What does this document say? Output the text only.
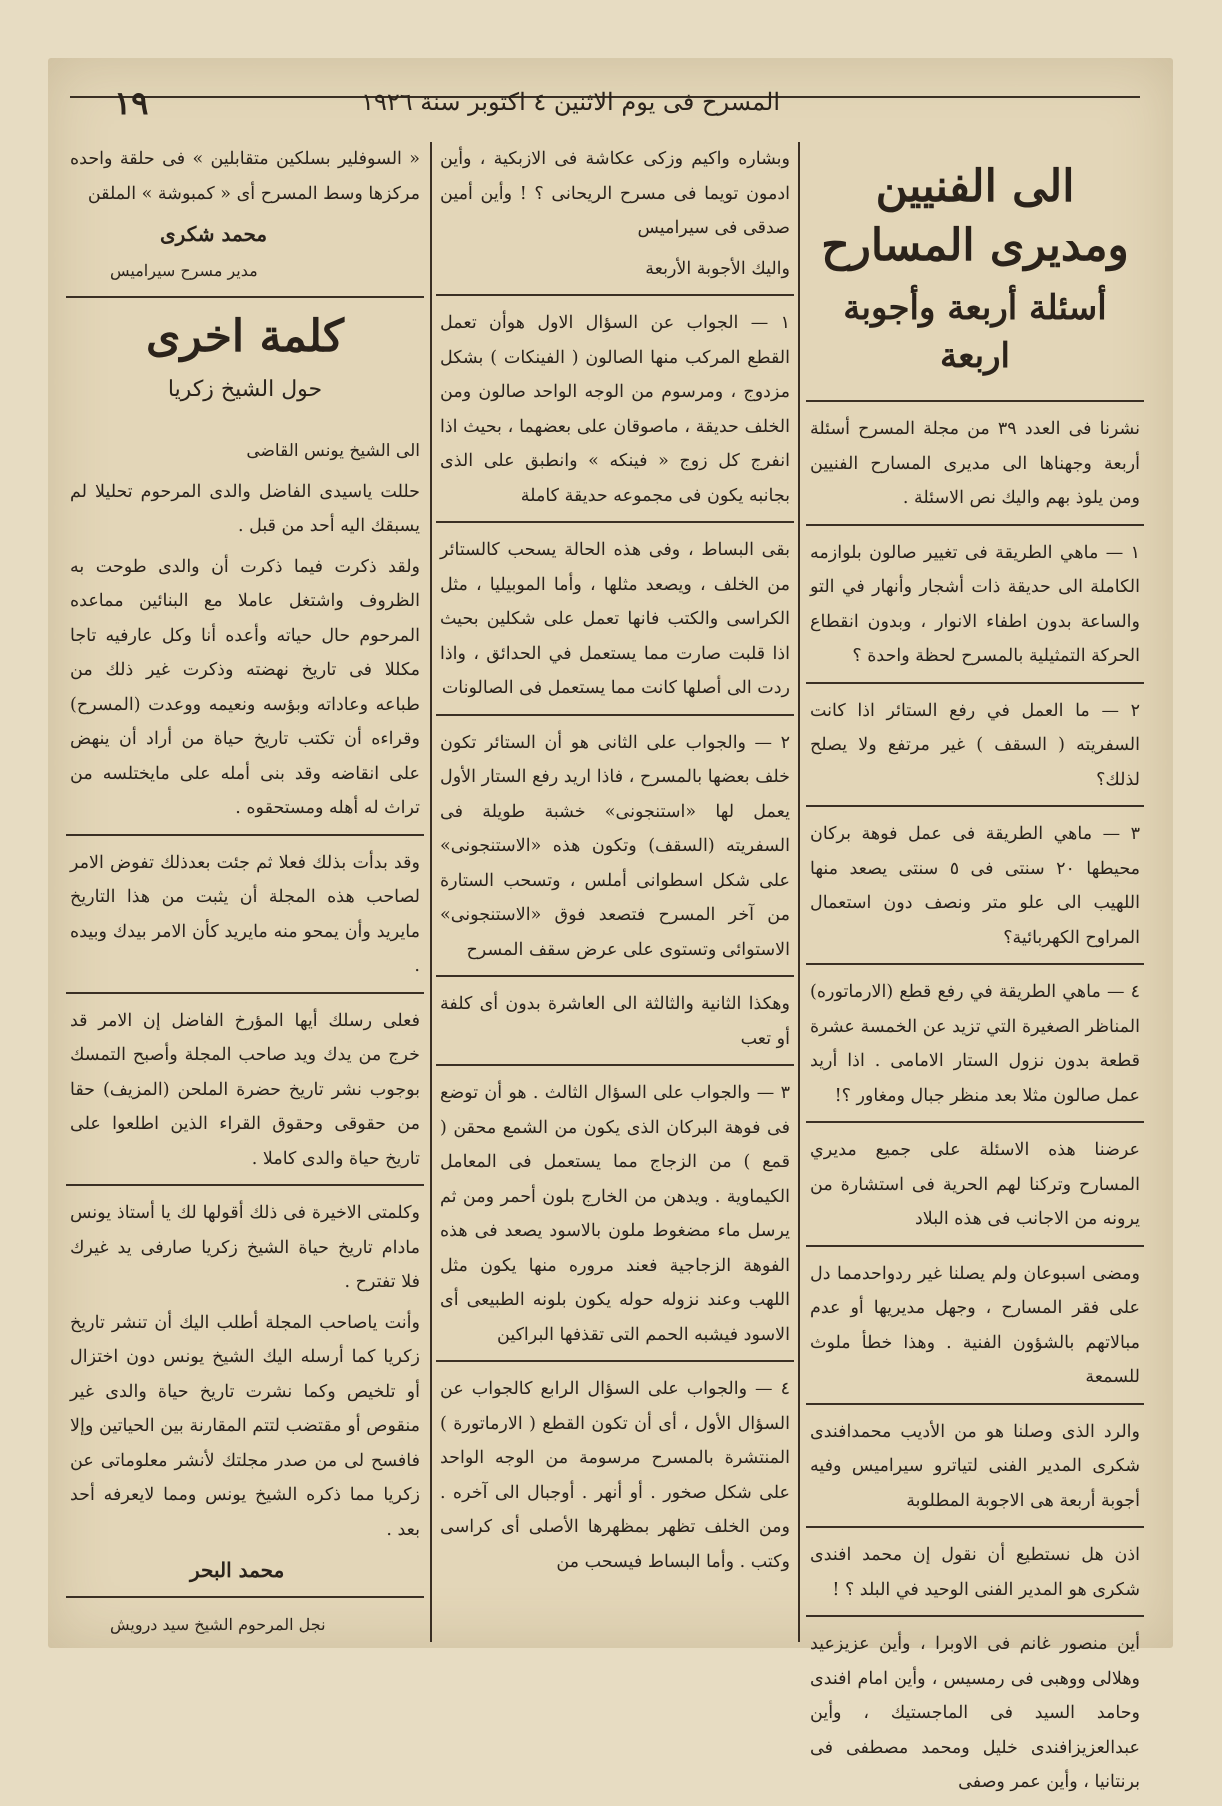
المسرح فى يوم الاثنين ٤ اكتوبر سنة ١٩٢٦
١٩
الى الفنيين
ومديرى المسارح
أسئلة أربعة وأجوبة اربعة

نشرنا فى العدد ٣٩ من مجلة المسرح أسئلة أربعة وجهناها الى مديرى المسارح الفنيين ومن يلوذ بهم واليك نص الاسئلة .

١ — ماهي الطريقة فى تغيير صالون بلوازمه الكاملة الى حديقة ذات أشجار وأنهار في التو والساعة بدون اطفاء الانوار ، وبدون انقطاع الحركة التمثيلية بالمسرح لحظة واحدة ؟

٢ — ما العمل في رفع الستائر اذا كانت السفريته ( السقف ) غير مرتفع ولا يصلح لذلك؟

٣ — ماهي الطريقة فى عمل فوهة بركان محيطها ٢٠ سنتى فى ٥ سنتى يصعد منها اللهيب الى علو متر ونصف دون استعمال المراوح الكهربائية؟

٤ — ماهي الطريقة في رفع قطع (الارماتوره) المناظر الصغيرة التي تزيد عن الخمسة عشرة قطعة بدون نزول الستار الامامى . اذا أريد عمل صالون مثلا بعد منظر جبال ومغاور ؟!

عرضنا هذه الاسئلة على جميع مديري المسارح وتركنا لهم الحرية فى استشارة من يرونه من الاجانب فى هذه البلاد

ومضى اسبوعان ولم يصلنا غير ردواحدمما دل على فقر المسارح ، وجهل مديريها أو عدم مبالاتهم بالشؤون الفنية . وهذا خطأ ملوث للسمعة

والرد الذى وصلنا هو من الأديب محمدافندى شكرى المدير الفنى لتياترو سيراميس وفيه أجوبة أربعة هى الاجوبة المطلوبة

اذن هل نستطيع أن نقول إن محمد افندى شكرى هو المدير الفنى الوحيد في البلد ؟ !

أين منصور غانم فى الاوبرا ، وأين عزيزعيد وهلالى ووهبى فى رمسيس ، وأين امام افندى وحامد السيد فى الماجستيك ، وأين عبدالعزيزافندى خليل ومحمد مصطفى فى برنتانيا ، وأين عمر وصفى

وبشاره واكيم وزكى عكاشة فى الازبكية ، وأين ادمون تويما فى مسرح الريحانى ؟ ! وأين أمين صدقى فى سيراميس

واليك الأجوبة الأربعة

١ — الجواب عن السؤال الاول هوأن تعمل القطع المركب منها الصالون ( الفينكات ) بشكل مزدوج ، ومرسوم من الوجه الواحد صالون ومن الخلف حديقة ، ماصوقان على بعضهما ، بحيث اذا انفرج كل زوج « فينكه » وانطبق على الذى بجانبه يكون فى مجموعه حديقة كاملة

بقى البساط ، وفى هذه الحالة يسحب كالستائر من الخلف ، ويصعد مثلها ، وأما الموبيليا ، مثل الكراسى والكتب فانها تعمل على شكلين بحيث اذا قلبت صارت مما يستعمل في الحدائق ، واذا ردت الى أصلها كانت مما يستعمل فى الصالونات

٢ — والجواب على الثانى هو أن الستائر تكون خلف بعضها بالمسرح ، فاذا اريد رفع الستار الأول يعمل لها «استنجونى» خشبة طويلة فى السفريته (السقف) وتكون هذه «الاستنجونى» على شكل اسطوانى أملس ، وتسحب الستارة من آخر المسرح فتصعد فوق «الاستنجونى» الاستوائى وتستوى على عرض سقف المسرح

وهكذا الثانية والثالثة الى العاشرة بدون أى كلفة أو تعب

٣ — والجواب على السؤال الثالث . هو أن توضع فى فوهة البركان الذى يكون من الشمع محقن ( قمع ) من الزجاج مما يستعمل فى المعامل الكيماوية . ويدهن من الخارج بلون أحمر ومن ثم يرسل ماء مضغوط ملون بالاسود يصعد فى هذه الفوهة الزجاجية فعند مروره منها يكون مثل اللهب وعند نزوله حوله يكون بلونه الطبيعى أى الاسود فيشبه الحمم التى تقذفها البراكين

٤ — والجواب على السؤال الرابع كالجواب عن السؤال الأول ، أى أن تكون القطع ( الارماتورة ) المنتشرة بالمسرح مرسومة من الوجه الواحد على شكل صخور . أو أنهر . أوجبال الى آخره . ومن الخلف تظهر بمظهرها الأصلى أى كراسى وكتب . وأما البساط فيسحب من

« السوفلير بسلكين متقابلين » فى حلقة واحده مركزها وسط المسرح أى « كمبوشة » الملقن

محمد شكرى
مدير مسرح سيراميس
كلمة اخرى
حول الشيخ زكريا

الى الشيخ يونس القاضى

حللت ياسيدى الفاضل والدى المرحوم تحليلا لم يسبقك اليه أحد من قبل .

ولقد ذكرت فيما ذكرت أن والدى طوحت به الظروف واشتغل عاملا مع البنائين مماعده المرحوم حال حياته وأعده أنا وكل عارفيه تاجا مكللا فى تاريخ نهضته وذكرت غير ذلك من طباعه وعاداته وبؤسه ونعيمه ووعدت (المسرح) وقراءه أن تكتب تاريخ حياة من أراد أن ينهض على انقاضه وقد بنى أمله على مايختلسه من تراث له أهله ومستحقوه .

وقد بدأت بذلك فعلا ثم جئت بعدذلك تفوض الامر لصاحب هذه المجلة أن يثبت من هذا التاريخ مايريد وأن يمحو منه مايريد كأن الامر بيدك وبيده .

فعلى رسلك أيها المؤرخ الفاضل إن الامر قد خرج من يدك ويد صاحب المجلة وأصبح التمسك بوجوب نشر تاريخ حضرة الملحن (المزيف) حقا من حقوقى وحقوق القراء الذين اطلعوا على تاريخ حياة والدى كاملا .

وكلمتى الاخيرة فى ذلك أقولها لك يا أستاذ يونس مادام تاريخ حياة الشيخ زكريا صارفى يد غيرك فلا تفترح .

وأنت ياصاحب المجلة أطلب اليك أن تنشر تاريخ زكريا كما أرسله اليك الشيخ يونس دون اختزال أو تلخيص وكما نشرت تاريخ حياة والدى غير منقوص أو مقتضب لتتم المقارنة بين الحياتين وإلا فافسح لى من صدر مجلتك لأنشر معلوماتى عن زكريا مما ذكره الشيخ يونس ومما لايعرفه أحد بعد .

محمد البحر
نجل المرحوم الشيخ سيد درويش
